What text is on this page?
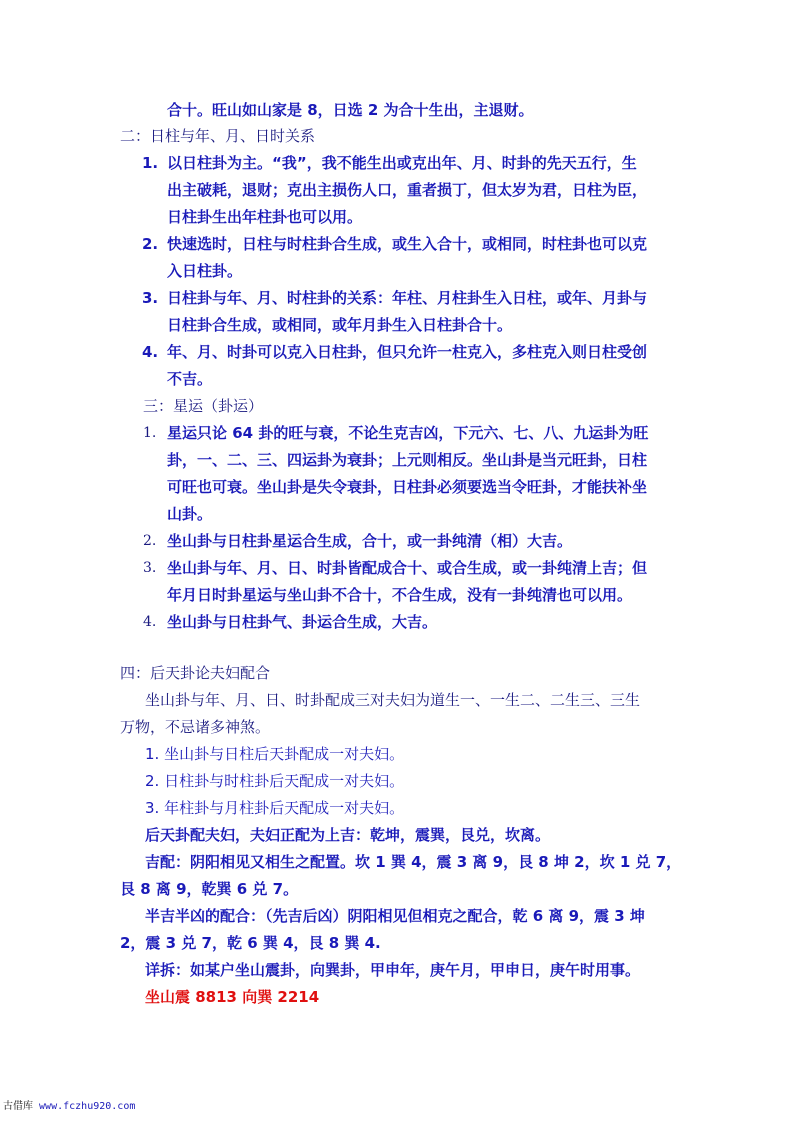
合十。旺山如山家是 8，日选 2 为合十生出，主退财。
二：日柱与年、月、日时关系
1. 以日柱卦为主。“我”，我不能生出或克出年、月、时卦的先天五行，生
出主破耗，退财；克出主损伤人口，重者损丁，但太岁为君，日柱为臣，
日柱卦生出年柱卦也可以用。
2. 快速选时，日柱与时柱卦合生成，或生入合十，或相同，时柱卦也可以克
入日柱卦。
3. 日柱卦与年、月、时柱卦的关系：年柱、月柱卦生入日柱，或年、月卦与
日柱卦合生成，或相同，或年月卦生入日柱卦合十。
4. 年、月、时卦可以克入日柱卦，但只允许一柱克入，多柱克入则日柱受创
不吉。
三：星运（卦运）
1. 星运只论 64 卦的旺与衰，不论生克吉凶，下元六、七、八、九运卦为旺
卦，一、二、三、四运卦为衰卦；上元则相反。坐山卦是当元旺卦，日柱
可旺也可衰。坐山卦是失令衰卦，日柱卦必须要选当令旺卦，才能扶补坐
山卦。
2. 坐山卦与日柱卦星运合生成，合十，或一卦纯清（相）大吉。
3. 坐山卦与年、月、日、时卦皆配成合十、或合生成，或一卦纯清上吉；但
年月日时卦星运与坐山卦不合十，不合生成，没有一卦纯清也可以用。
4. 坐山卦与日柱卦气、卦运合生成，大吉。
四：后天卦论夫妇配合
坐山卦与年、月、日、时卦配成三对夫妇为道生一、一生二、二生三、三生
万物，不忌诸多神煞。
1. 坐山卦与日柱后天卦配成一对夫妇。
2. 日柱卦与时柱卦后天配成一对夫妇。
3. 年柱卦与月柱卦后天配成一对夫妇。
后天卦配夫妇，夫妇正配为上吉：乾坤，震巽，艮兑，坎离。
吉配：阴阳相见又相生之配置。坎 1 巽 4，震 3 离 9，艮 8 坤 2，坎 1 兑 7，
艮 8 离 9，乾巽 6 兑 7。
半吉半凶的配合：（先吉后凶）阴阳相见但相克之配合，乾 6 离 9，震 3 坤
2，震 3 兑 7，乾 6 巽 4，艮 8 巽 4.
详拆：如某户坐山震卦，向巽卦，甲申年，庚午月，甲申日，庚午时用事。
坐山震 8813 向巽 2214
古借库 www.fczhu920.com
